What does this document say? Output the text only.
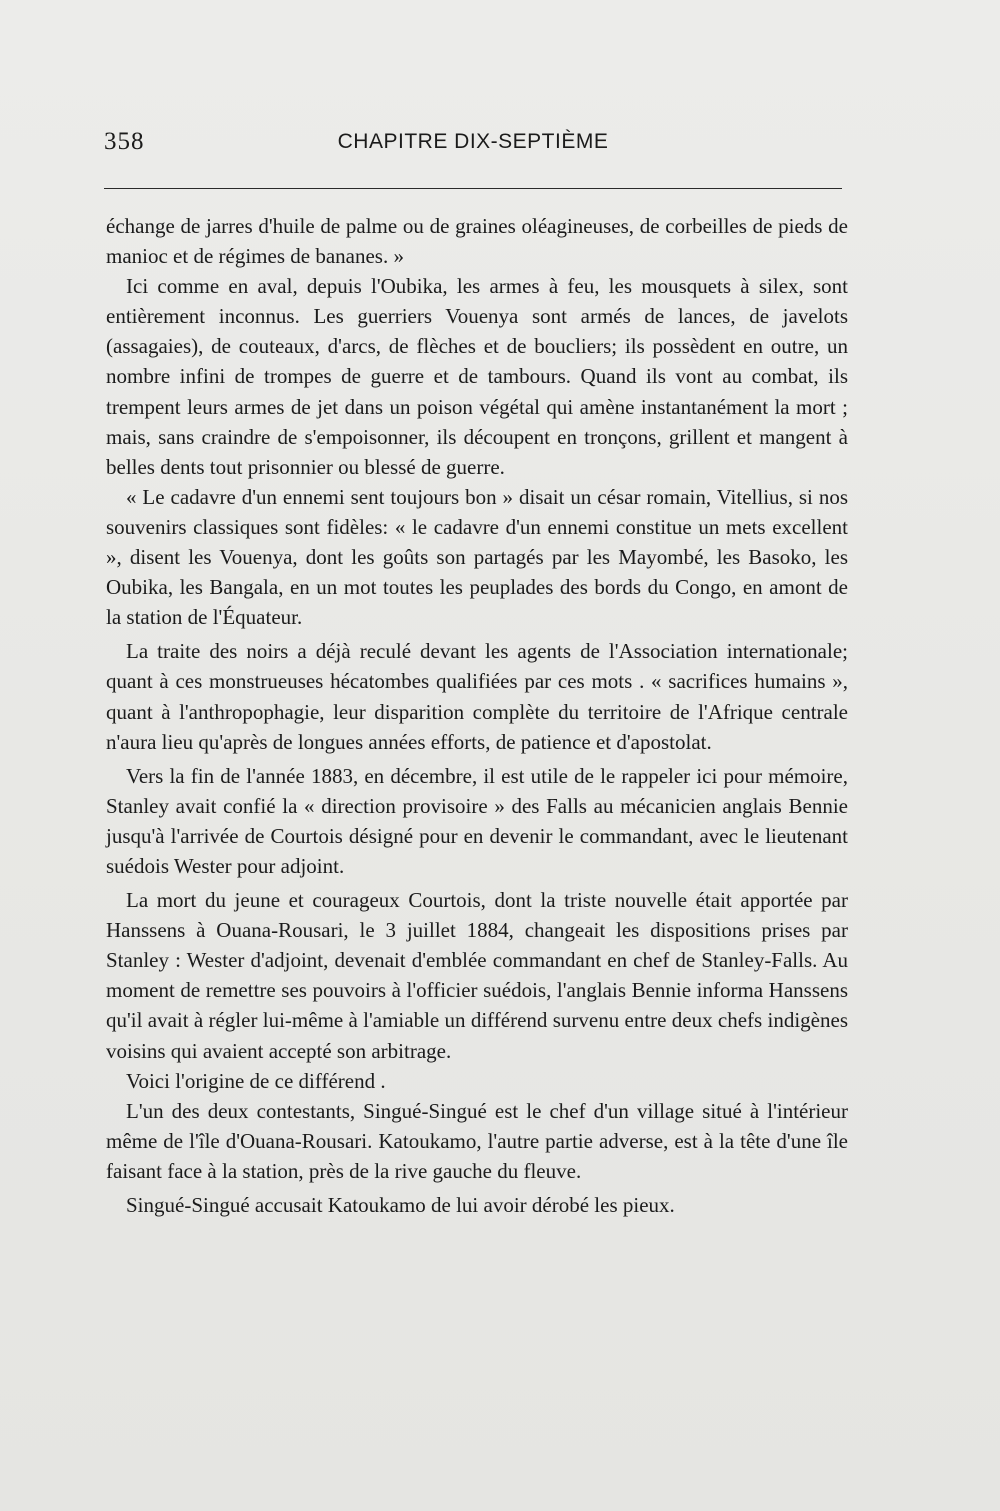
358	CHAPITRE DIX-SEPTIÈME

échange de jarres d'huile de palme ou de graines oléagineuses, de corbeilles de pieds de manioc et de régimes de bananes. »

Ici comme en aval, depuis l'Oubika, les armes à feu, les mousquets à silex, sont entièrement inconnus. Les guerriers Vouenya sont armés de lances, de javelots (assagaies), de couteaux, d'arcs, de flèches et de boucliers; ils possèdent en outre, un nombre infini de trompes de guerre et de tambours. Quand ils vont au combat, ils trempent leurs armes de jet dans un poison végétal qui amène instantanément la mort ; mais, sans craindre de s'empoisonner, ils découpent en tronçons, grillent et mangent à belles dents tout prisonnier ou blessé de guerre.

« Le cadavre d'un ennemi sent toujours bon » disait un césar romain, Vitellius, si nos souvenirs classiques sont fidèles: « le cadavre d'un ennemi constitue un mets excellent », disent les Vouenya, dont les goûts son partagés par les Mayombé, les Basoko, les Oubika, les Bangala, en un mot toutes les peuplades des bords du Congo, en amont de la station de l'Équateur.

La traite des noirs a déjà reculé devant les agents de l'Association internationale; quant à ces monstrueuses hécatombes qualifiées par ces mots . « sacrifices humains », quant à l'anthropophagie, leur disparition complète du territoire de l'Afrique centrale n'aura lieu qu'après de longues années efforts, de patience et d'apostolat.

Vers la fin de l'année 1883, en décembre, il est utile de le rappeler ici pour mémoire, Stanley avait confié la « direction provisoire » des Falls au mécanicien anglais Bennie jusqu'à l'arrivée de Courtois désigné pour en devenir le commandant, avec le lieutenant suédois Wester pour adjoint.

La mort du jeune et courageux Courtois, dont la triste nouvelle était apportée par Hanssens à Ouana-Rousari, le 3 juillet 1884, changeait les dispositions prises par Stanley : Wester d'adjoint, devenait d'emblée commandant en chef de Stanley-Falls. Au moment de remettre ses pouvoirs à l'officier suédois, l'anglais Bennie informa Hanssens qu'il avait à régler lui-même à l'amiable un différend survenu entre deux chefs indigènes voisins qui avaient accepté son arbitrage.

Voici l'origine de ce différend .

L'un des deux contestants, Singué-Singué est le chef d'un village situé à l'intérieur même de l'île d'Ouana-Rousari. Katoukamo, l'autre partie adverse, est à la tête d'une île faisant face à la station, près de la rive gauche du fleuve.

Singué-Singué accusait Katoukamo de lui avoir dérobé les pieux.
